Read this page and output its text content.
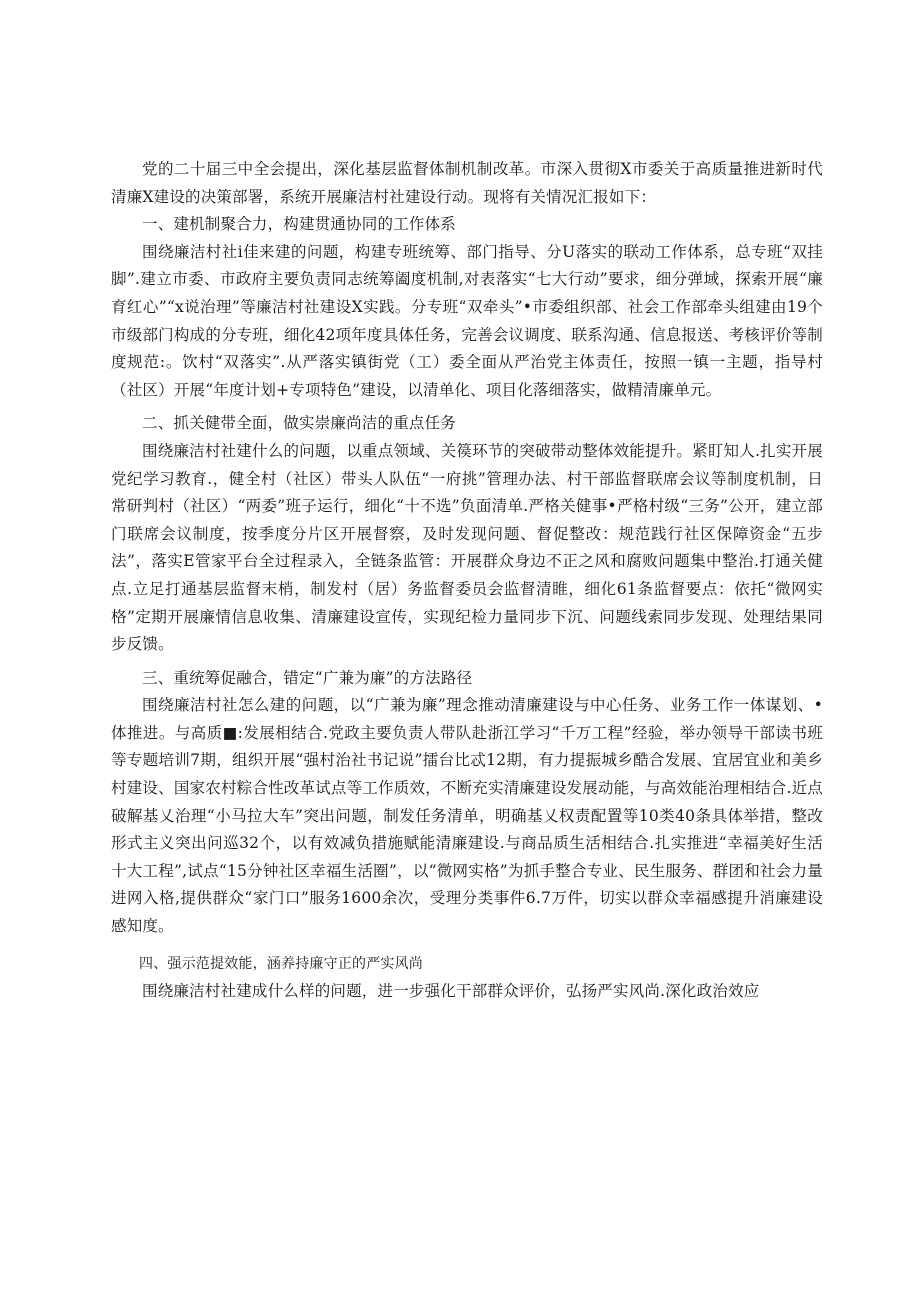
党的二十届三中全会提出，深化基层监督体制机制改革。市深入贯彻X市委关于高质量推进新时代清廉X建设的决策部署，系统开展廉洁村社建设行动。现将有关情况汇报如下：

一、建机制聚合力，构建贯通协同的工作体系

围绕廉洁村社i佳来建的问题，构建专班统筹、部门指导、分U落实的联动工作体系，总专班“双挂脚”.建立市委、市政府主要负责同志统筹阖度机制,对表落实“七大行动”要求，细分弹域，探索开展“廉育红心”“x说治理”等廉洁村社建设X实践。分专班“双牵头”•市委组织部、社会工作部牵头组建由19个市级部门构成的分专班，细化42项年度具体任务，完善会议调度、联系沟通、信息报送、考核评价等制度规范:。饮村“双落实”.从严落实镇街党（工）委全面从严治党主体责任，按照一镇一主题，指导村（社区）开展“年度计划+专项特色”建设，以清单化、项目化落细落实，做精清廉单元。

二、抓关健带全面，做实崇廉尚洁的重点任务

围绕廉洁村社建什么的问题，以重点领域、关篌环节的突破带动整体效能提升。紧盯知人.扎实开展党纪学习教育.，健全村（社区）带头人队伍“一府挑”管理办法、村干部监督联席会议等制度机制，日常研判村（社区）“两委”班子运行，细化“十不选”负面清单.严格关健事•严格村级“三务”公开，建立部门联席会议制度，按季度分片区开展督察，及时发现问题、督促整改：规范践行社区保障资金“五步法”，落实E管家平台全过程录入，全链条监管：开展群众身边不正之风和腐败问题集中整治.打通关健点.立足打通基层监督末梢，制发村（居）务监督委员会监督清睢，细化61条监督要点：依托“微网实格”定期开展廉情信息收集、清廉建设宣传，实现纪检力量同步下沉、问题线索同步发现、处理结果同步反馈。

三、重统筹促融合，错定“广兼为廉”的方法路径

围绕廉洁村社怎么建的问题，以“广兼为廉”理念推动清廉建设与中心任务、业务工作一体谋划、•体推进。与高质■:发展相结合.党政主要负责人带队赴浙江学习“千万工程”经验，举办领导干部读书班等专题培训7期，组织开展“强村治社书记说”擂台比忒12期，有力提振城乡酷合发展、宜居宜业和美乡村建设、国家农村粽合性改革试点等工作质效，不断充实清廉建设发展动能，与高效能治理相结合.近点破解基乂治理“小马拉大车”突出问题，制发任务清单，明确基乂权责配置等10类40条具体举措，整改形式主义突出问巡32个，以有效减负措施赋能清廉建设.与商品质生活相结合.扎实推进“幸福美好生活十大工程”,试点“15分钟社区幸福生活圈”，以“微网实格”为抓手整合专业、民生服务、群团和社会力量进网入格,提供群众“家门口”服务1600余次，受理分类事件6.7万件，切实以群众幸福感提升消廉建设感知度。

四、强示范提效能，涵养持廉守正的严实风尚

围绕廉洁村社建成什么样的问题，进一步强化干部群众评价，弘扬严实风尚.深化政治效应
